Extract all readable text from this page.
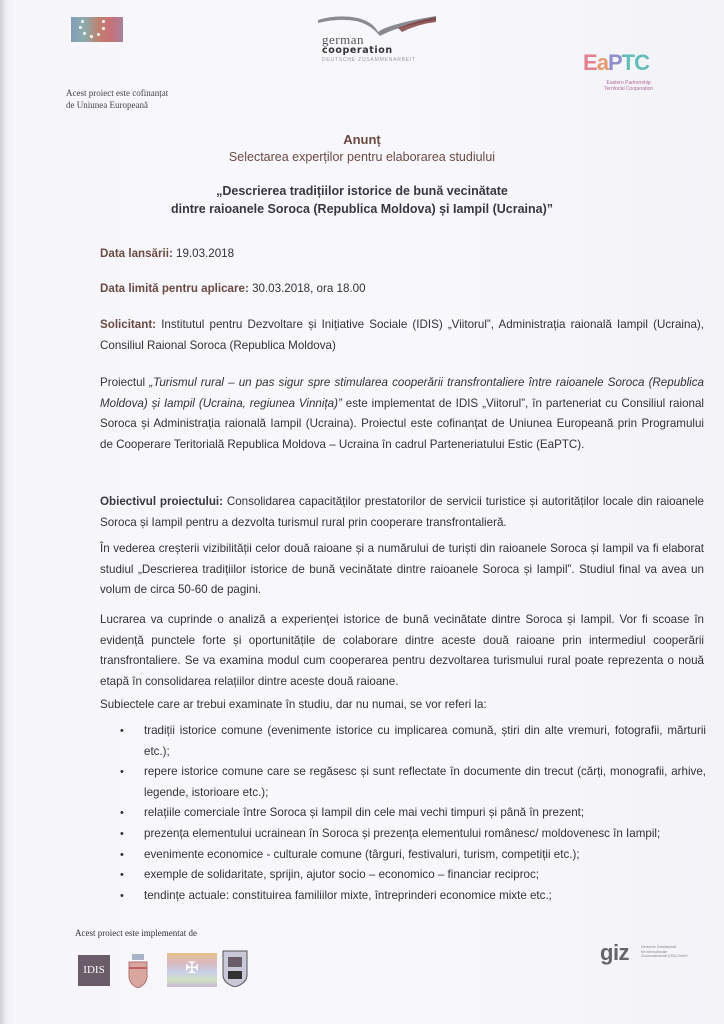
Acest proiect este cofinanțat
de Uniunea Europeană
german
cooperation
DEUTSCHE ZUSAMMENARBEIT	EaPTC
Eastern Partnership
Territorial Cooperation
Anunț
Selectarea experților pentru elaborarea studiului
„Descrierea tradițiilor istorice de bună vecinătate
dintre raioanele Soroca (Republica Moldova) și Iampil (Ucraina)”
Data lansării: 19.03.2018
Data limită pentru aplicare: 30.03.2018, ora 18.00
Solicitant: Institutul pentru Dezvoltare și Inițiative Sociale (IDIS) „Viitorul”, Administrația raională Iampil (Ucraina), Consiliul Raional Soroca (Republica Moldova)
Proiectul „Turismul rural – un pas sigur spre stimularea cooperării transfrontaliere între raioanele Soroca (Republica Moldova) și Iampil (Ucraina, regiunea Vinnița)” este implementat de IDIS „Viitorul”, în parteneriat cu Consiliul raional Soroca și Administrația raională Iampil (Ucraina). Proiectul este cofinanțat de Uniunea Europeană prin Programului de Cooperare Teritorială Republica Moldova – Ucraina în cadrul Parteneriatului Estic (EaPTC).
Obiectivul proiectului: Consolidarea capacităților prestatorilor de servicii turistice și autorităților locale din raioanele Soroca și Iampil pentru a dezvolta turismul rural prin cooperare transfrontalieră.
În vederea creșterii vizibilității celor două raioane și a numărului de turiști din raioanele Soroca și Iampil va fi elaborat studiul „Descrierea tradițiilor istorice de bună vecinătate dintre raioanele Soroca și Iampil”. Studiul final va avea un volum de circa 50-60 de pagini.
Lucrarea va cuprinde o analiză a experienței istorice de bună vecinătate dintre Soroca și Iampil. Vor fi scoase în evidență punctele forte și oportunitățile de colaborare dintre aceste două raioane prin intermediul cooperării transfrontaliere. Se va examina modul cum cooperarea pentru dezvoltarea turismului rural poate reprezenta o nouă etapă în consolidarea relațiilor dintre aceste două raioane.
Subiectele care ar trebui examinate în studiu, dar nu numai, se vor referi la:
• tradiții istorice comune (evenimente istorice cu implicarea comună, știri din alte vremuri, fotografii, mărturii etc.);
• repere istorice comune care se regăsesc și sunt reflectate în documente din trecut (cărți, monografii, arhive, legende, istorioare etc.);
• relațiile comerciale între Soroca și Iampil din cele mai vechi timpuri și până în prezent;
• prezența elementului ucrainean în Soroca și prezența elementului românesc/ moldovenesc în Iampil;
• evenimente economice - culturale comune (târguri, festivaluri, turism, competiții etc.);
• exemple de solidaritate, sprijin, ajutor socio – economico – financiar reciproc;
• tendințe actuale: constituirea familiilor mixte, întreprinderi economice mixte etc.;
Acest proiect este implementat de
IDIS	✠
giz	Deutsche Gesellschaft
für Internationale
Zusammenarbeit (GIZ) GmbH
